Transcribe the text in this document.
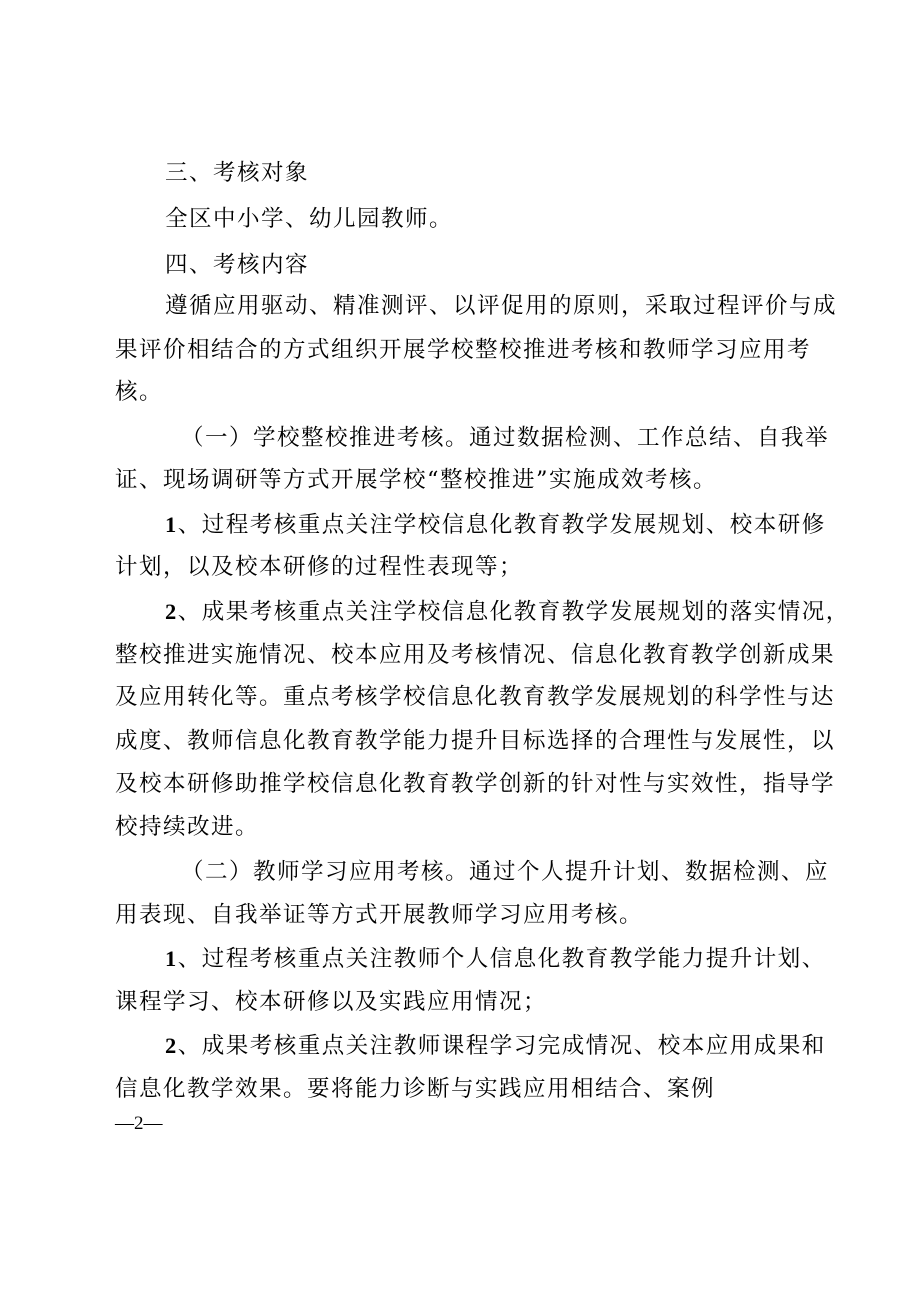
三、考核对象
全区中小学、幼儿园教师。
四、考核内容
遵循应用驱动、精准测评、以评促用的原则，采取过程评价与成
果评价相结合的方式组织开展学校整校推进考核和教师学习应用考
核。
（一）学校整校推进考核。通过数据检测、工作总结、自我举
证、现场调研等方式开展学校“整校推进”实施成效考核。
1、过程考核重点关注学校信息化教育教学发展规划、校本研修
计划，以及校本研修的过程性表现等；
2、成果考核重点关注学校信息化教育教学发展规划的落实情况，
整校推进实施情况、校本应用及考核情况、信息化教育教学创新成果
及应用转化等。重点考核学校信息化教育教学发展规划的科学性与达
成度、教师信息化教育教学能力提升目标选择的合理性与发展性，以
及校本研修助推学校信息化教育教学创新的针对性与实效性，指导学
校持续改进。
（二）教师学习应用考核。通过个人提升计划、数据检测、应
用表现、自我举证等方式开展教师学习应用考核。
1、过程考核重点关注教师个人信息化教育教学能力提升计划、
课程学习、校本研修以及实践应用情况；
2、成果考核重点关注教师课程学习完成情况、校本应用成果和
信息化教学效果。要将能力诊断与实践应用相结合、案例
—2—
